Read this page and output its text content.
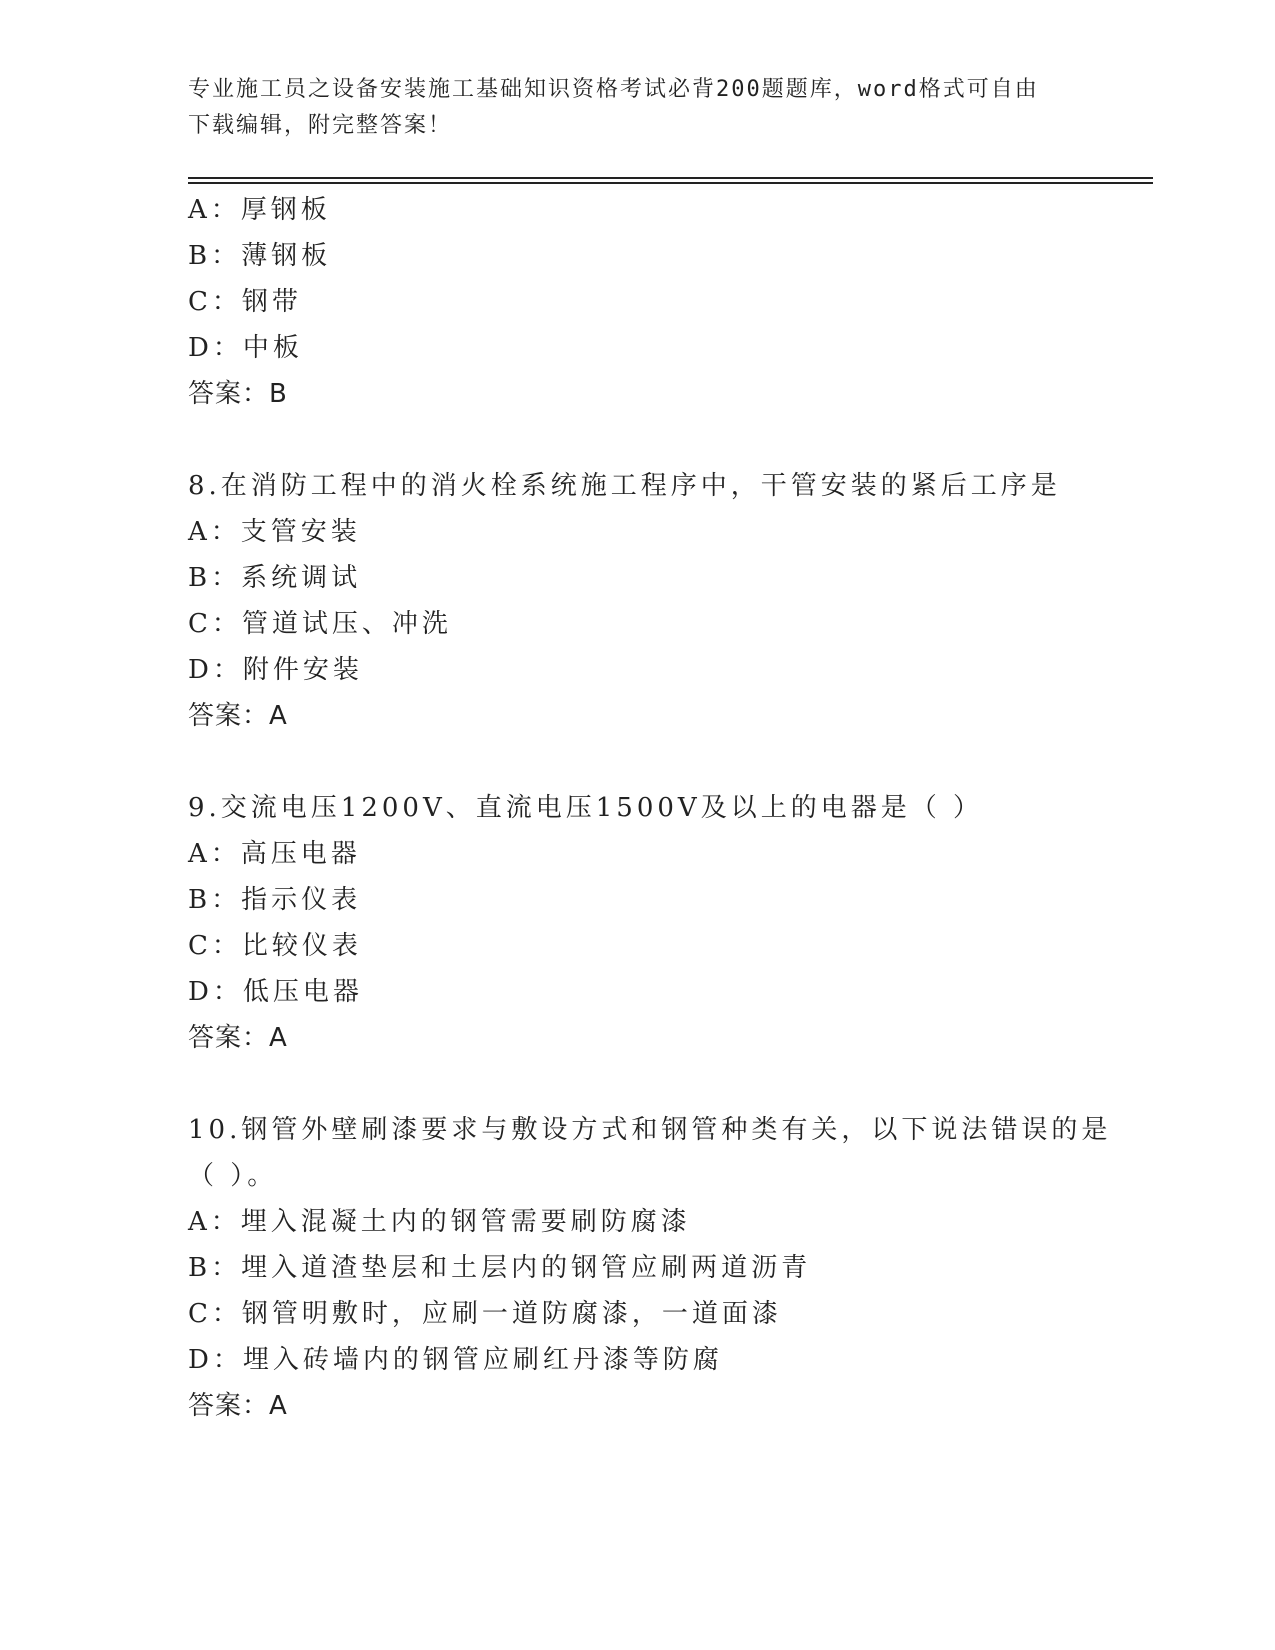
专业施工员之设备安装施工基础知识资格考试必背200题题库，word格式可自由
下载编辑，附完整答案！
A：厚钢板
B：薄钢板
C：钢带
D：中板
答案：B
8.在消防工程中的消火栓系统施工程序中，干管安装的紧后工序是
A：支管安装
B：系统调试
C：管道试压、冲洗
D：附件安装
答案：A
9.交流电压1200V、直流电压1500V及以上的电器是（ ）
A：高压电器
B：指示仪表
C：比较仪表
D：低压电器
答案：A
10.钢管外壁刷漆要求与敷设方式和钢管种类有关，以下说法错误的是
（ ）。
A：埋入混凝土内的钢管需要刷防腐漆
B：埋入道渣垫层和土层内的钢管应刷两道沥青
C：钢管明敷时，应刷一道防腐漆，一道面漆
D：埋入砖墙内的钢管应刷红丹漆等防腐
答案：A
